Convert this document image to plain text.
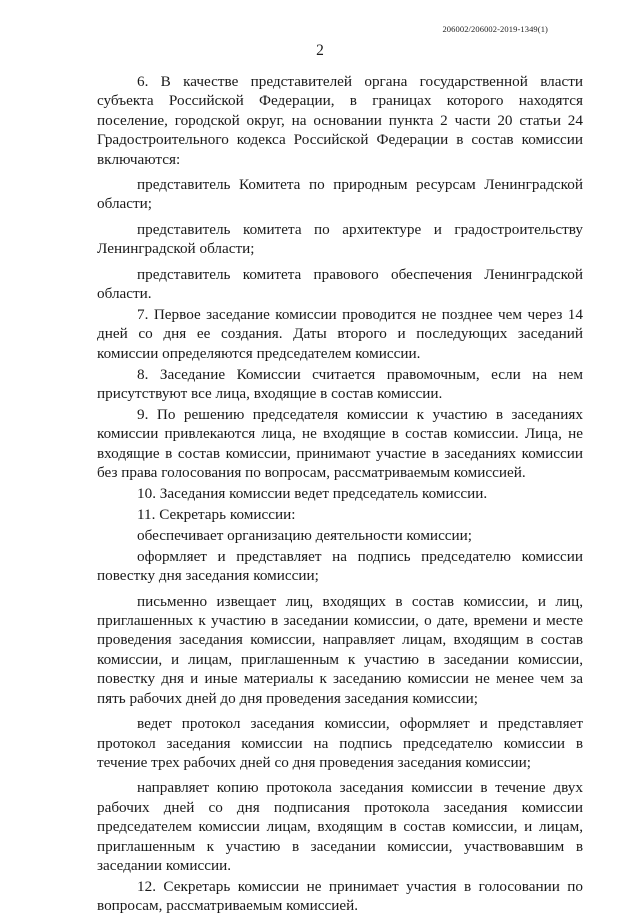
206002/206002-2019-1349(1)
2

6. В качестве представителей органа государственной власти субъекта Российской Федерации, в границах которого находятся поселение, городской округ, на основании пункта 2 части 20 статьи 24 Градостроительного кодекса Российской Федерации в состав комиссии включаются:

представитель Комитета по природным ресурсам Ленинградской области;

представитель комитета по архитектуре и градостроительству Ленинградской области;

представитель комитета правового обеспечения Ленинградской области.

7. Первое заседание комиссии проводится не позднее чем через 14 дней со дня ее создания. Даты второго и последующих заседаний комиссии определяются председателем комиссии.

8. Заседание Комиссии считается правомочным, если на нем присутствуют все лица, входящие в состав комиссии.

9. По решению председателя комиссии к участию в заседаниях комиссии привлекаются лица, не входящие в состав комиссии. Лица, не входящие в состав комиссии, принимают участие в заседаниях комиссии без права голосования по вопросам, рассматриваемым комиссией.

10. Заседания комиссии ведет председатель комиссии.

11. Секретарь комиссии:

обеспечивает организацию деятельности комиссии;

оформляет и представляет на подпись председателю комиссии повестку дня заседания комиссии;

письменно извещает лиц, входящих в состав комиссии, и лиц, приглашенных к участию в заседании комиссии, о дате, времени и месте проведения заседания комиссии, направляет лицам, входящим в состав комиссии, и лицам, приглашенным к участию в заседании комиссии, повестку дня и иные материалы к заседанию комиссии не менее чем за пять рабочих дней до дня проведения заседания комиссии;

ведет протокол заседания комиссии, оформляет и представляет протокол заседания комиссии на подпись председателю комиссии в течение трех рабочих дней со дня проведения заседания комиссии;

направляет копию протокола заседания комиссии в течение двух рабочих дней со дня подписания протокола заседания комиссии председателем комиссии лицам, входящим в состав комиссии, и лицам, приглашенным к участию в заседании комиссии, участвовавшим в заседании комиссии.

12. Секретарь комиссии не принимает участия в голосовании по вопросам, рассматриваемым комиссией.
